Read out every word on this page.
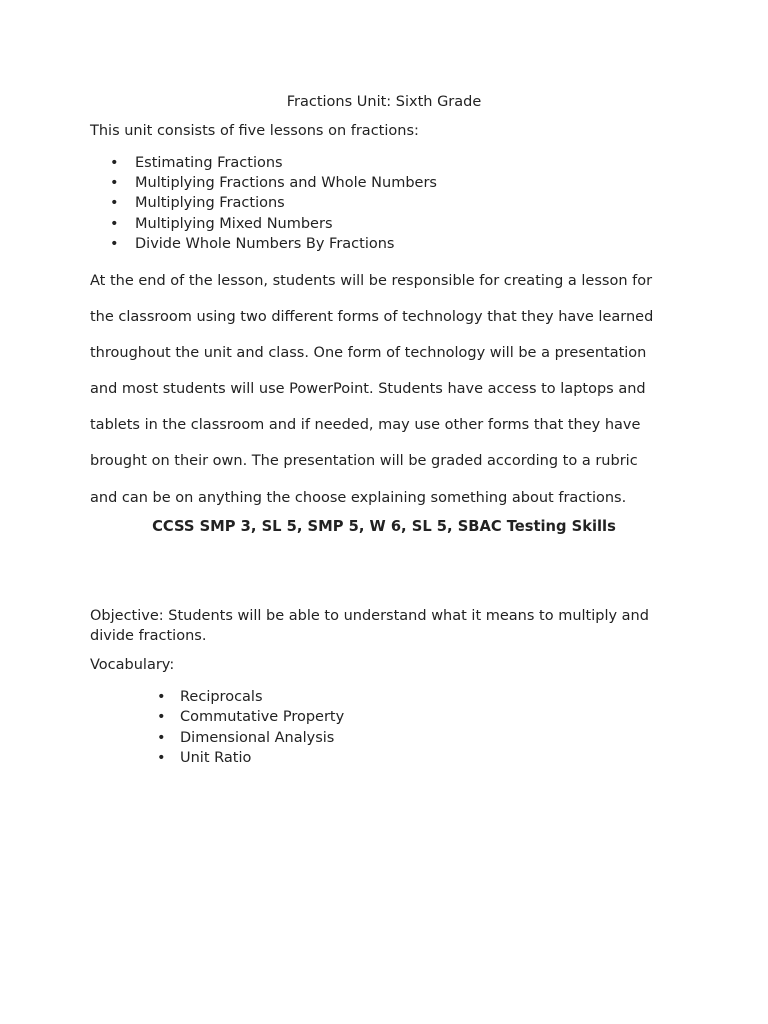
Fractions Unit: Sixth Grade
This unit consists of five lessons on fractions:
• Estimating Fractions
• Multiplying Fractions and Whole Numbers
• Multiplying Fractions
• Multiplying Mixed Numbers
• Divide Whole Numbers By Fractions

At the end of the lesson, students will be responsible for creating a lesson for
the classroom using two different forms of technology that they have learned
throughout the unit and class. One form of technology will be a presentation
and most students will use PowerPoint. Students have access to laptops and
tablets in the classroom and if needed, may use other forms that they have
brought on their own. The presentation will be graded according to a rubric
and can be on anything the choose explaining something about fractions.

CCSS SMP 3, SL 5, SMP 5, W 6, SL 5, SBAC Testing Skills
Objective: Students will be able to understand what it means to multiply and
divide fractions.
Vocabulary:
• Reciprocals
• Commutative Property
• Dimensional Analysis
• Unit Ratio
